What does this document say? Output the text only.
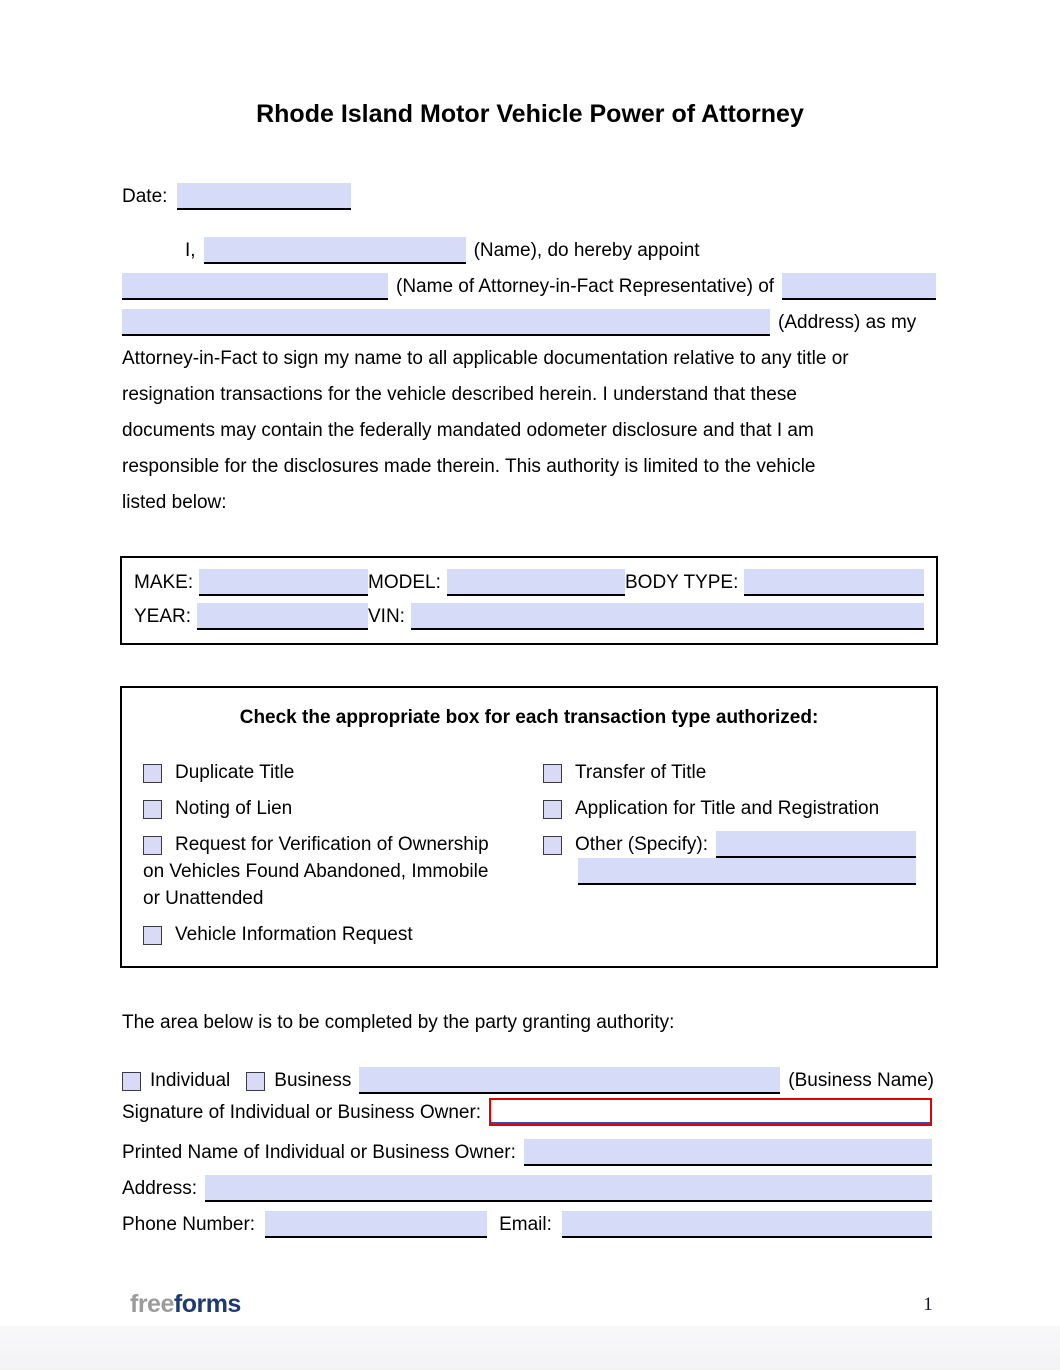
Rhode Island Motor Vehicle Power of Attorney
Date:
I,	(Name), do hereby appoint
(Name of Attorney-in-Fact Representative) of
(Address) as my
Attorney-in-Fact to sign my name to all applicable documentation relative to any title or
resignation transactions for the vehicle described herein. I understand that these
documents may contain the federally mandated odometer disclosure and that I am
responsible for the disclosures made therein. This authority is limited to the vehicle
listed below:
MAKE:	MODEL:	BODY TYPE:
YEAR:	VIN:
Check the appropriate box for each transaction type authorized:
Duplicate Title
Noting of Lien
Request for Verification of Ownership
on Vehicles Found Abandoned, Immobile
or Unattended
Vehicle Information Request
Transfer of Title
Application for Title and Registration
Other (Specify):
The area below is to be completed by the party granting authority:
Individual Business	(Business Name)
Signature of Individual or Business Owner:
Printed Name of Individual or Business Owner:
Address:
Phone Number:	Email:
freeforms	1
